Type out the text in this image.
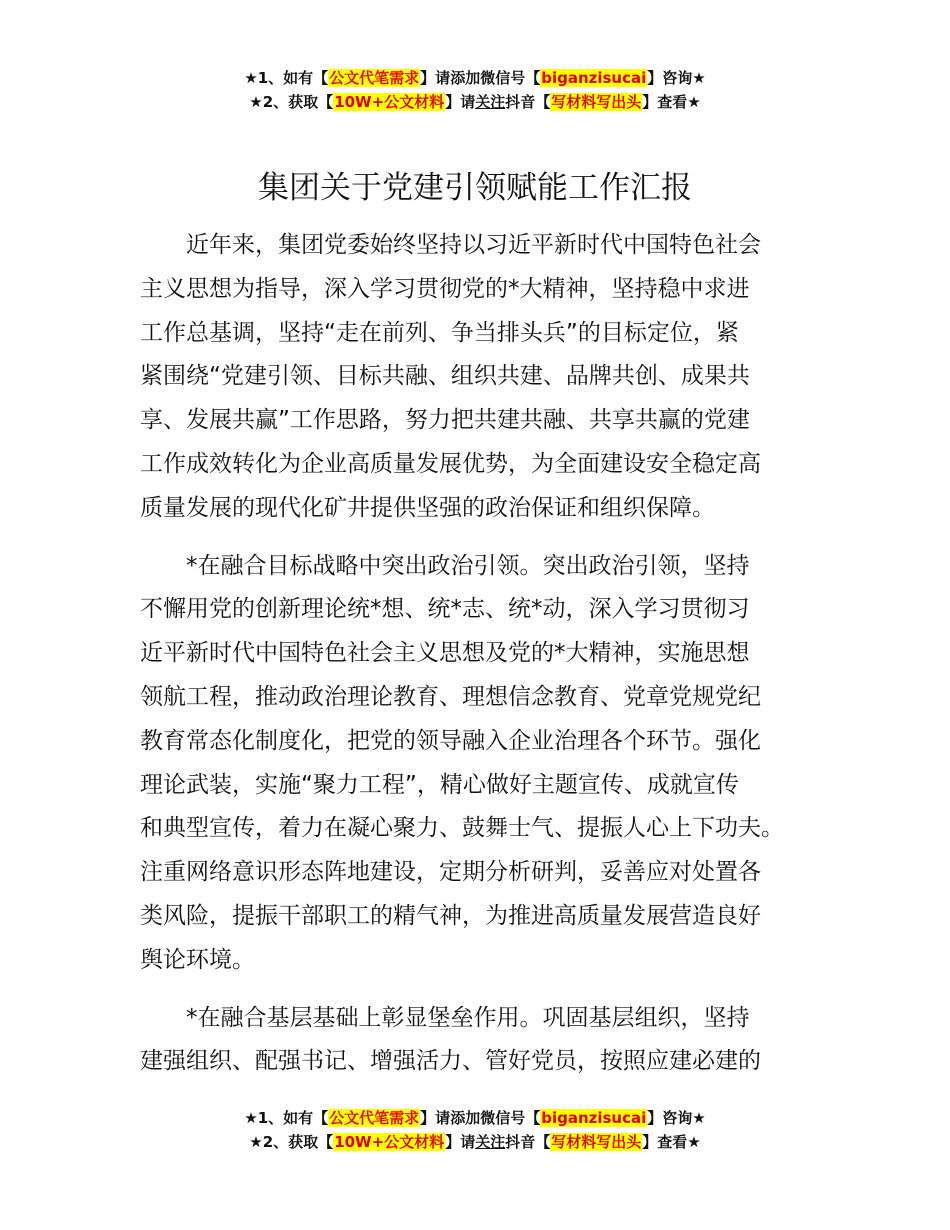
★1、如有【公文代笔需求】请添加微信号【biganzisucai】咨询★
★2、获取【10W+公文材料】请关注抖音【写材料写出头】查看★
集团关于党建引领赋能工作汇报
近年来，集团党委始终坚持以习近平新时代中国特色社会
主义思想为指导，深入学习贯彻党的*大精神，坚持稳中求进
工作总基调，坚持“走在前列、争当排头兵”的目标定位，紧
紧围绕“党建引领、目标共融、组织共建、品牌共创、成果共
享、发展共赢”工作思路，努力把共建共融、共享共赢的党建
工作成效转化为企业高质量发展优势，为全面建设安全稳定高
质量发展的现代化矿井提供坚强的政治保证和组织保障。
*在融合目标战略中突出政治引领。突出政治引领，坚持
不懈用党的创新理论统*想、统*志、统*动，深入学习贯彻习
近平新时代中国特色社会主义思想及党的*大精神，实施思想
领航工程，推动政治理论教育、理想信念教育、党章党规党纪
教育常态化制度化，把党的领导融入企业治理各个环节。强化
理论武装，实施“聚力工程”，精心做好主题宣传、成就宣传
和典型宣传，着力在凝心聚力、鼓舞士气、提振人心上下功夫。
注重网络意识形态阵地建设，定期分析研判，妥善应对处置各
类风险，提振干部职工的精气神，为推进高质量发展营造良好
舆论环境。
*在融合基层基础上彰显堡垒作用。巩固基层组织，坚持
建强组织、配强书记、增强活力、管好党员，按照应建必建的
★1、如有【公文代笔需求】请添加微信号【biganzisucai】咨询★
★2、获取【10W+公文材料】请关注抖音【写材料写出头】查看★
